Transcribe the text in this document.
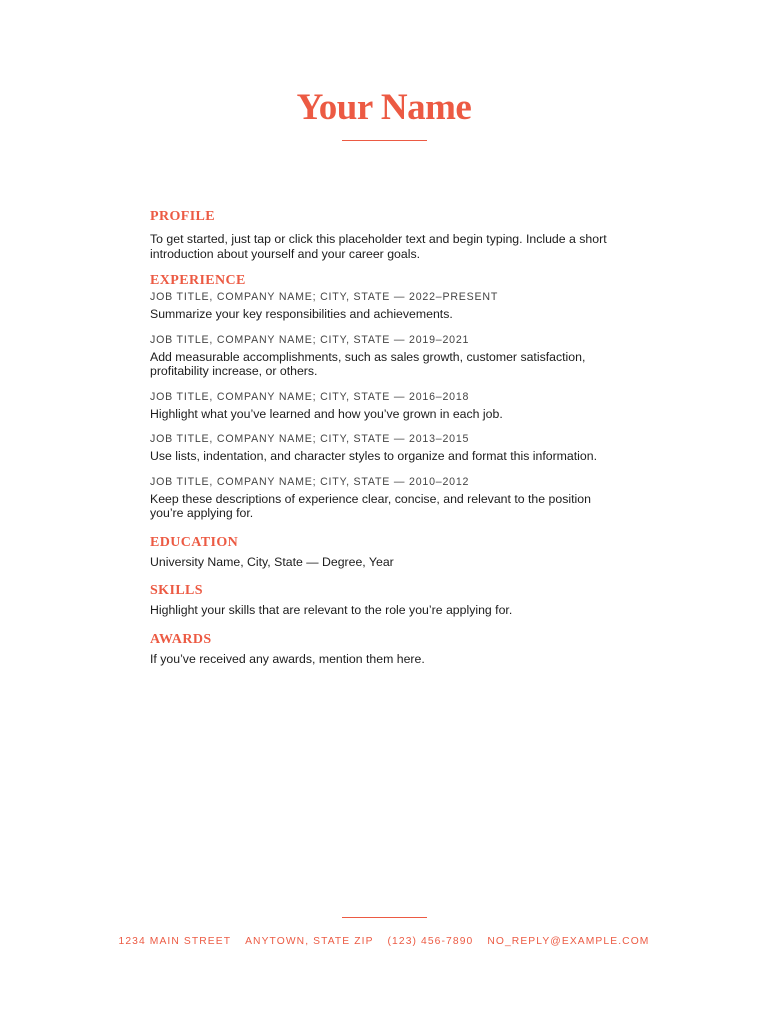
Your Name
PROFILE

To get started, just tap or click this placeholder text and begin typing. Include a short introduction about yourself and your career goals.

EXPERIENCE

JOB TITLE, COMPANY NAME; CITY, STATE — 2022–PRESENT

Summarize your key responsibilities and achievements.

JOB TITLE, COMPANY NAME; CITY, STATE — 2019–2021

Add measurable accomplishments, such as sales growth, customer satisfaction, profitability increase, or others.

JOB TITLE, COMPANY NAME; CITY, STATE — 2016–2018

Highlight what you’ve learned and how you’ve grown in each job.

JOB TITLE, COMPANY NAME; CITY, STATE — 2013–2015

Use lists, indentation, and character styles to organize and format this information.

JOB TITLE, COMPANY NAME; CITY, STATE — 2010–2012

Keep these descriptions of experience clear, concise, and relevant to the position you’re applying for.

EDUCATION

University Name, City, State — Degree, Year

SKILLS

Highlight your skills that are relevant to the role you’re applying for.

AWARDS

If you’ve received any awards, mention them here.

1234 MAIN STREET ANYTOWN, STATE ZIP (123) 456-7890 NO_REPLY@EXAMPLE.COM
